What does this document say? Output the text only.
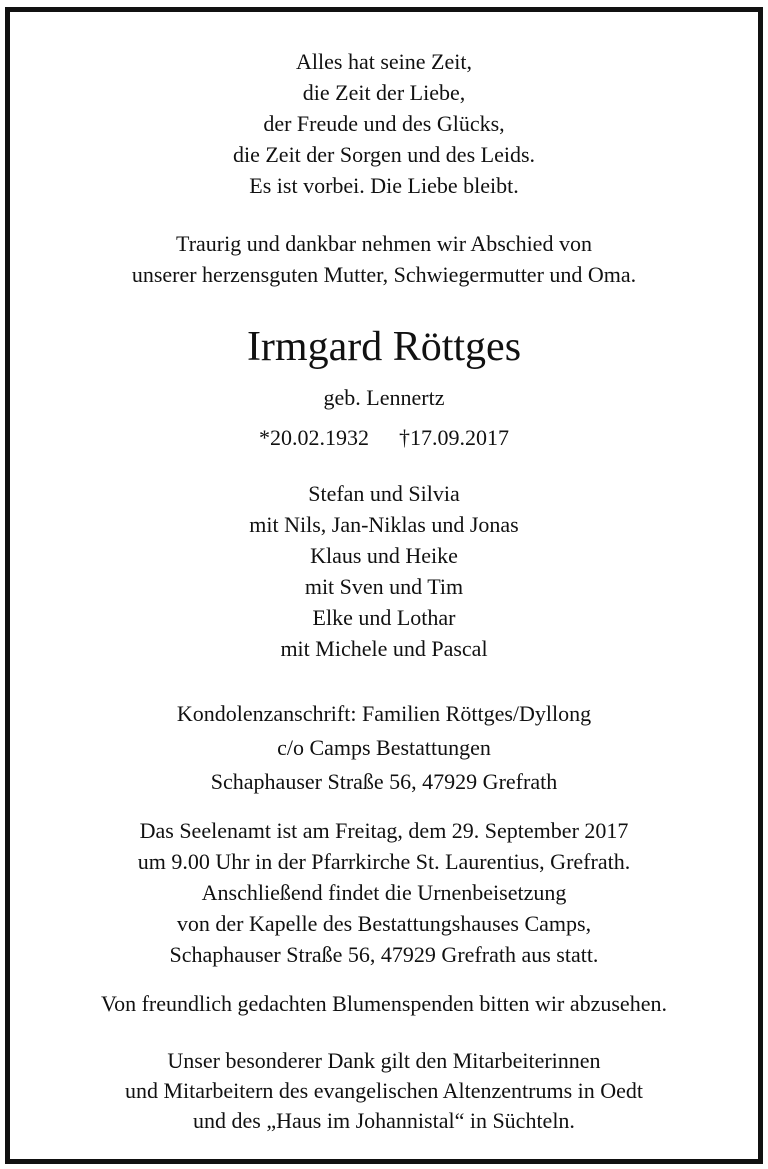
Alles hat seine Zeit,
die Zeit der Liebe,
der Freude und des Glücks,
die Zeit der Sorgen und des Leids.
Es ist vorbei. Die Liebe bleibt.
Traurig und dankbar nehmen wir Abschied von
unserer herzensguten Mutter, Schwiegermutter und Oma.
Irmgard Röttges
geb. Lennertz
*20.02.1932 †17.09.2017
Stefan und Silvia
mit Nils, Jan-Niklas und Jonas
Klaus und Heike
mit Sven und Tim
Elke und Lothar
mit Michele und Pascal
Kondolenzanschrift: Familien Röttges/Dyllong
c/o Camps Bestattungen
Schaphauser Straße 56, 47929 Grefrath
Das Seelenamt ist am Freitag, dem 29. September 2017
um 9.00 Uhr in der Pfarrkirche St. Laurentius, Grefrath.
Anschließend findet die Urnenbeisetzung
von der Kapelle des Bestattungshauses Camps,
Schaphauser Straße 56, 47929 Grefrath aus statt.
Von freundlich gedachten Blumenspenden bitten wir abzusehen.
Unser besonderer Dank gilt den Mitarbeiterinnen
und Mitarbeitern des evangelischen Altenzentrums in Oedt
und des „Haus im Johannistal“ in Süchteln.
